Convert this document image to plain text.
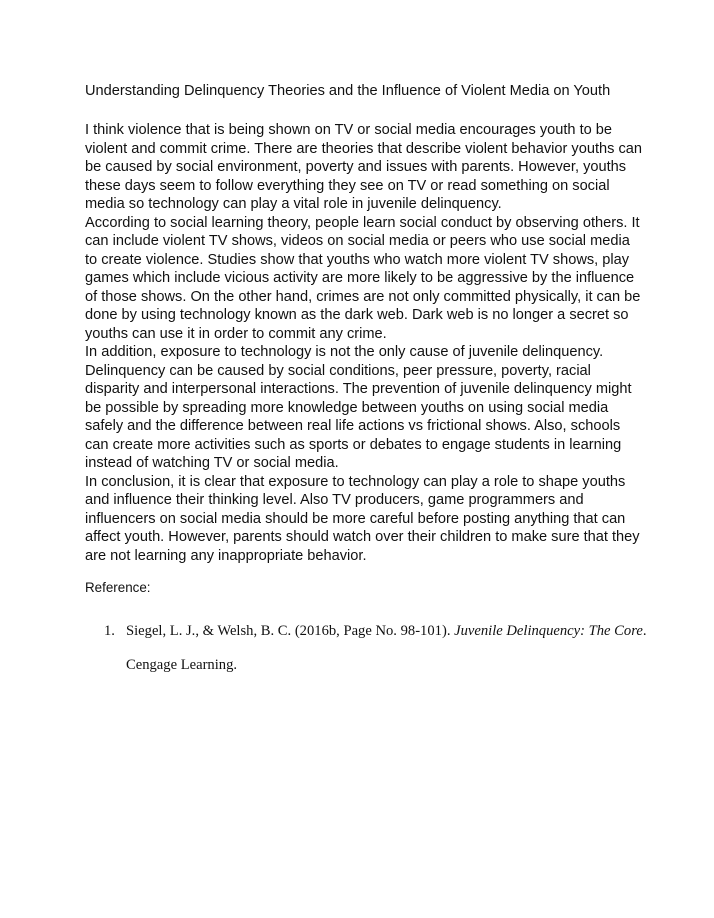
Understanding Delinquency Theories and the Influence of Violent Media on Youth

I think violence that is being shown on TV or social media encourages youth to be violent and commit crime. There are theories that describe violent behavior youths can be caused by social environment, poverty and issues with parents. However, youths these days seem to follow everything they see on TV or read something on social media so technology can play a vital role in juvenile delinquency.

According to social learning theory, people learn social conduct by observing others. It can include violent TV shows, videos on social media or peers who use social media to create violence. Studies show that youths who watch more violent TV shows, play games which include vicious activity are more likely to be aggressive by the influence of those shows. On the other hand, crimes are not only committed physically, it can be done by using technology known as the dark web. Dark web is no longer a secret so youths can use it in order to commit any crime.

In addition, exposure to technology is not the only cause of juvenile delinquency. Delinquency can be caused by social conditions, peer pressure, poverty, racial disparity and interpersonal interactions. The prevention of juvenile delinquency might be possible by spreading more knowledge between youths on using social media safely and the difference between real life actions vs frictional shows. Also, schools can create more activities such as sports or debates to engage students in learning instead of watching TV or social media.

In conclusion, it is clear that exposure to technology can play a role to shape youths and influence their thinking level. Also TV producers, game programmers and influencers on social media should be more careful before posting anything that can affect youth. However, parents should watch over their children to make sure that they are not learning any inappropriate behavior.

Reference:
1. Siegel, L. J., & Welsh, B. C. (2016b, Page No. 98-101). Juvenile Delinquency: The Core.
Cengage Learning.
